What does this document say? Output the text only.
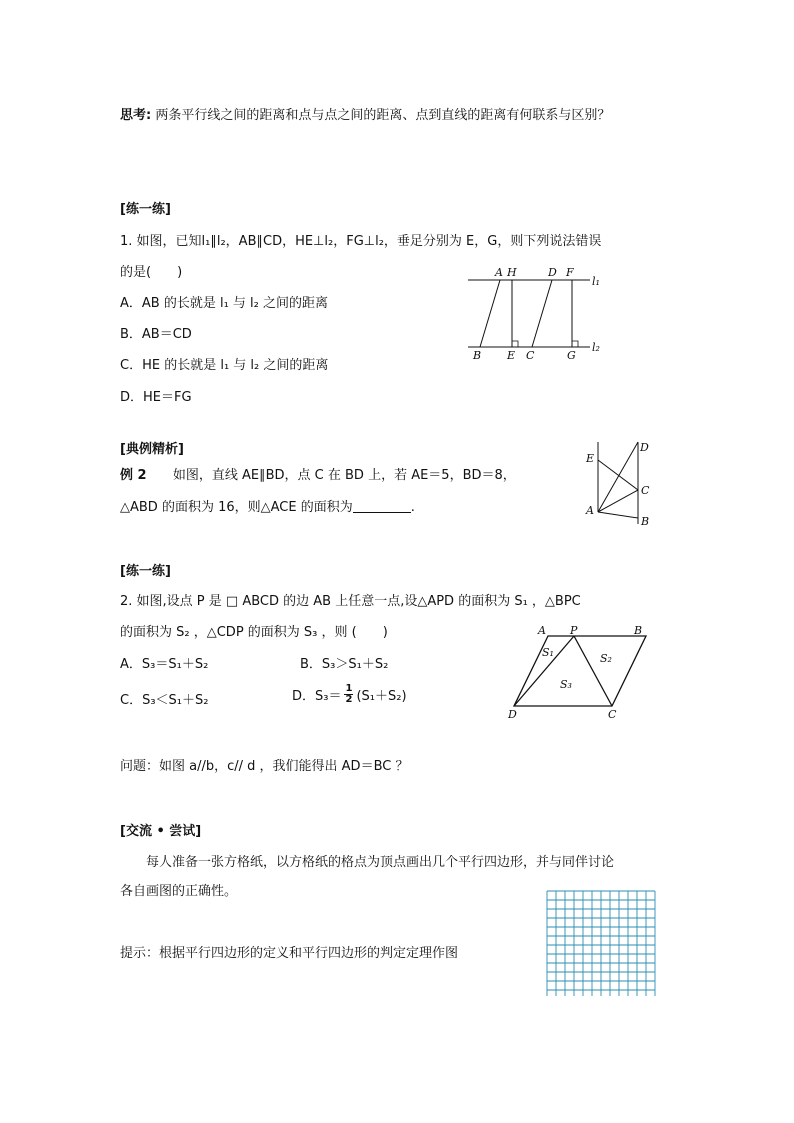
思考: 两条平行线之间的距离和点与点之间的距离、点到直线的距离有何联系与区别？
[练一练]
1. 如图，已知l₁∥l₂，AB∥CD，HE⊥l₂，FG⊥l₂，垂足分别为 E，G，则下列说法错误
的是(　　)
A．AB 的长就是 l₁ 与 l₂ 之间的距离
B．AB＝CD
C．HE 的长就是 l₁ 与 l₂ 之间的距离
D．HE＝FG
A H	D F
B E C	G
l₁
l₂
[典例精析]
例 2 如图，直线 AE∥BD，点 C 在 BD 上，若 AE＝5，BD＝8，
△ABD 的面积为 16，则△ACE 的面积为	.
D
E
C
A
B
[练一练]
2. 如图,设点 P 是 □ ABCD 的边 AB 上任意一点,设△APD 的面积为 S₁ ，△BPC
的面积为 S₂ ，△CDP 的面积为 S₃ ，则 (　　)
A．S₃＝S₁＋S₂	B．S₃＞S₁＋S₂
C．S₃＜S₁＋S₂	D．$S_3= \frac{1}{2} (S_1+S_2)$
A P	B
D	C
S₁	S₂
S₃
问题：如图 a//b，c// d ，我们能得出 AD＝BC ？
[交流 • 尝试]
每人准备一张方格纸，以方格纸的格点为顶点画出几个平行四边形，并与同伴讨论
各自画图的正确性。
提示：根据平行四边形的定义和平行四边形的判定定理作图
